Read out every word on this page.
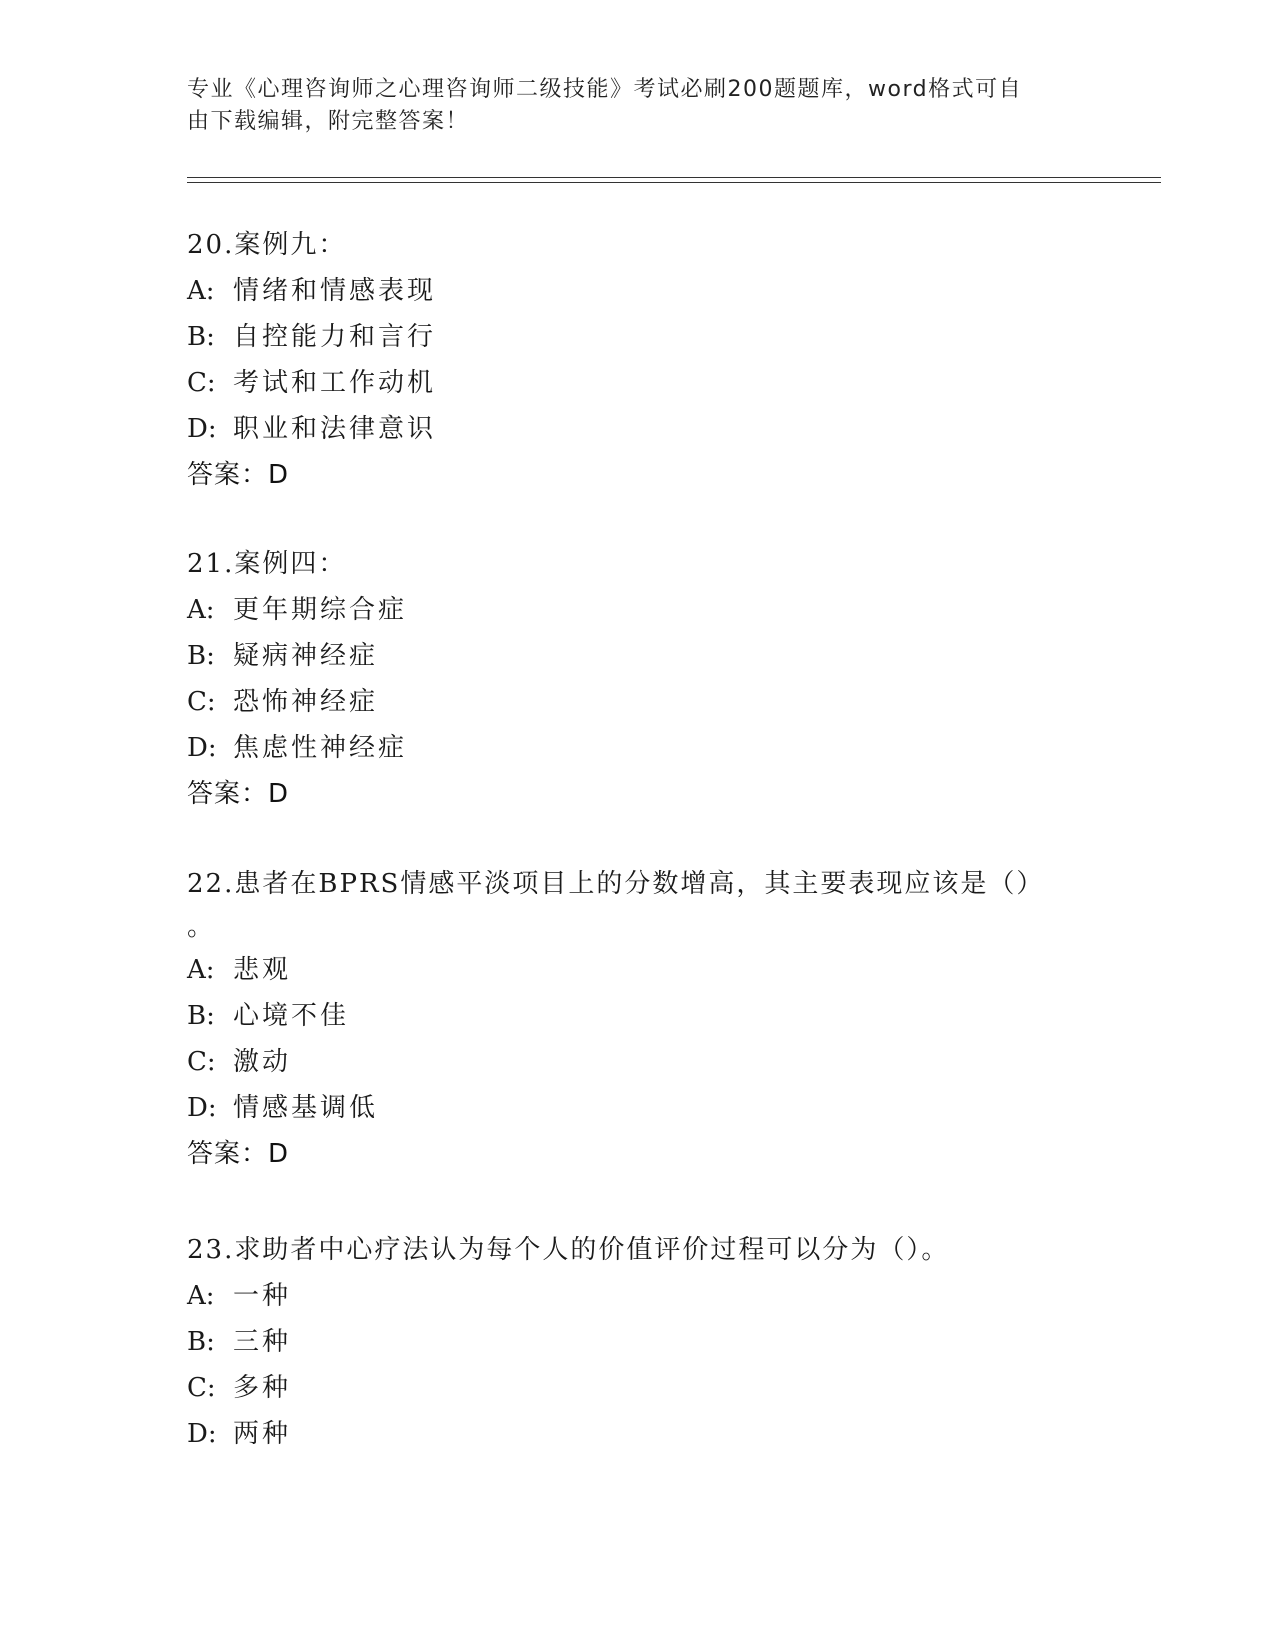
专业《心理咨询师之心理咨询师二级技能》考试必刷200题题库，word格式可自
由下载编辑，附完整答案！
20.案例九：
A: 情绪和情感表现
B: 自控能力和言行
C: 考试和工作动机
D: 职业和法律意识
答案：D
21.案例四：
A: 更年期综合症
B: 疑病神经症
C: 恐怖神经症
D: 焦虑性神经症
答案：D
22.患者在BPRS情感平淡项目上的分数增高，其主要表现应该是（）
。
A: 悲观
B: 心境不佳
C: 激动
D: 情感基调低
答案：D
23.求助者中心疗法认为每个人的价值评价过程可以分为（）。
A: 一种
B: 三种
C: 多种
D: 两种
